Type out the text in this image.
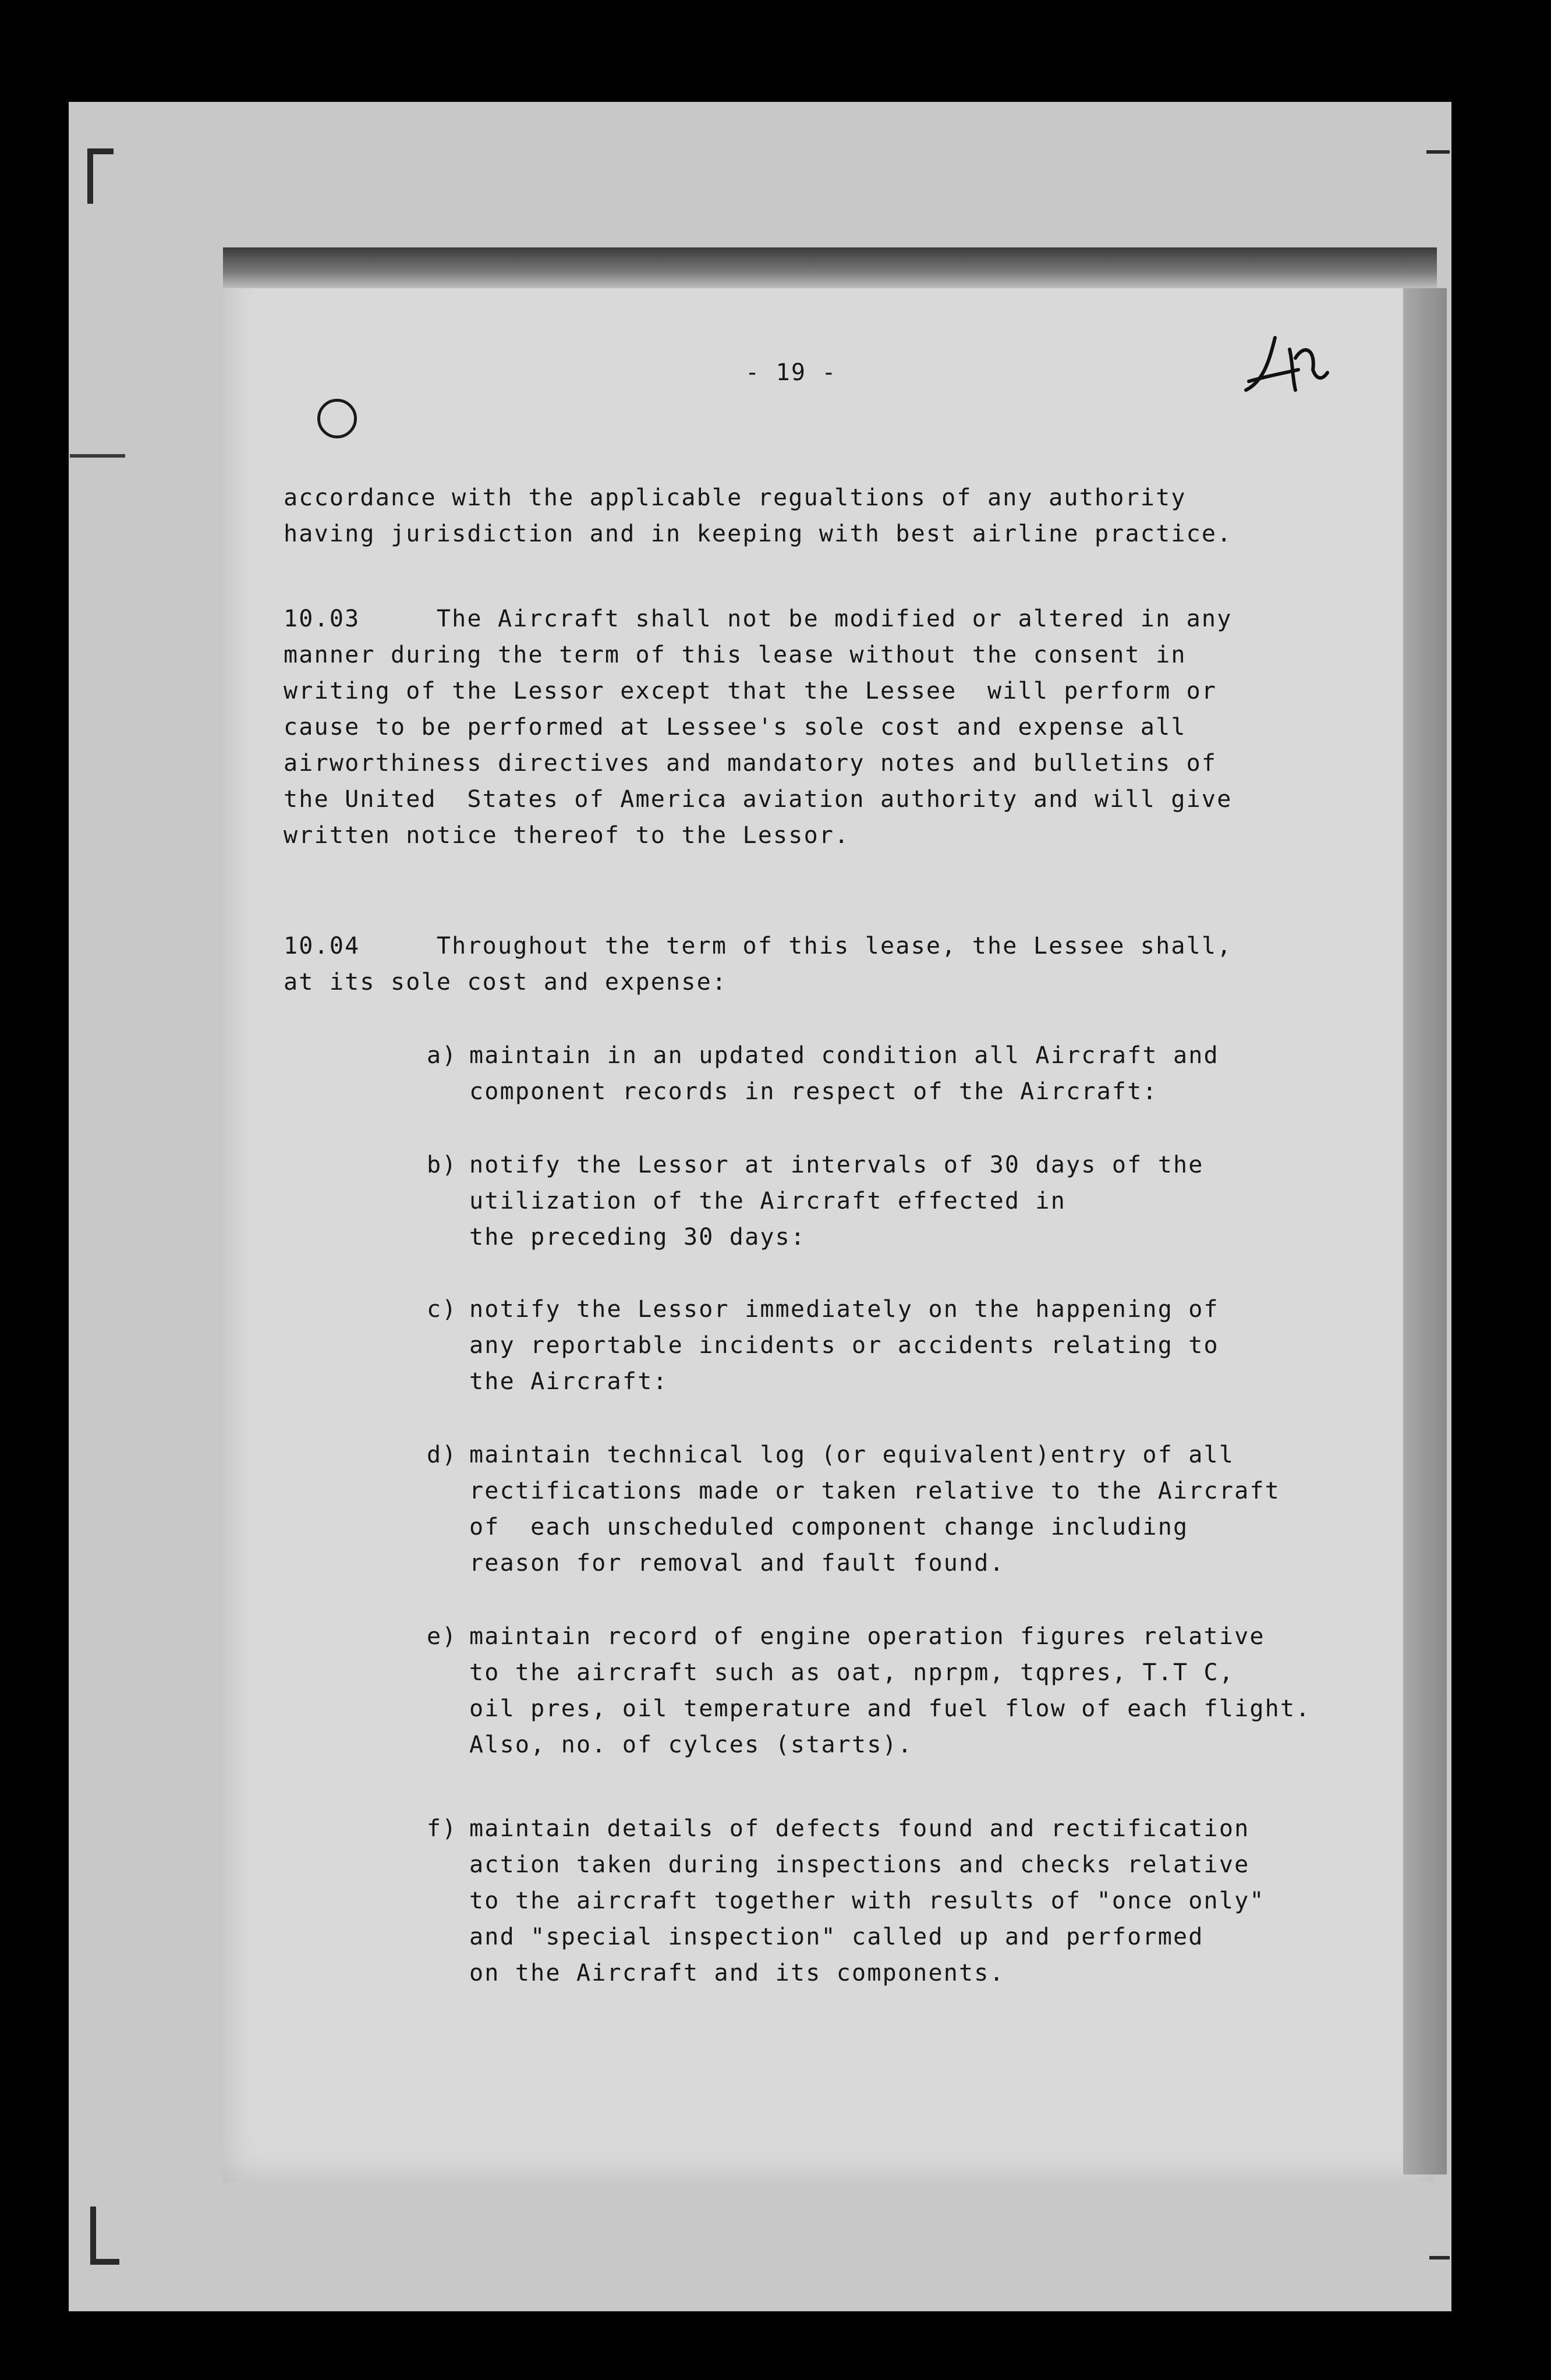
- 19 -
accordance with the applicable regualtions of any authority
having jurisdiction and in keeping with best airline practice.
10.03     The Aircraft shall not be modified or altered in any
manner during the term of this lease without the consent in
writing of the Lessor except that the Lessee  will perform or
cause to be performed at Lessee's sole cost and expense all
airworthiness directives and mandatory notes and bulletins of
the United  States of America aviation authority and will give
written notice thereof to the Lessor.
10.04     Throughout the term of this lease, the Lessee shall,
at its sole cost and expense:
a) maintain in an updated condition all Aircraft and
component records in respect of the Aircraft:
b) notify the Lessor at intervals of 30 days of the
utilization of the Aircraft effected in
the preceding 30 days:
c) notify the Lessor immediately on the happening of
any reportable incidents or accidents relating to
the Aircraft:
d) maintain technical log (or equivalent)entry of all
rectifications made or taken relative to the Aircraft
of  each unscheduled component change including
reason for removal and fault found.
e) maintain record of engine operation figures relative
to the aircraft such as oat, nprpm, tqpres, T.T C,
oil pres, oil temperature and fuel flow of each flight.
Also, no. of cylces (starts).
f) maintain details of defects found and rectification
action taken during inspections and checks relative
to the aircraft together with results of "once only"
and "special inspection" called up and performed
on the Aircraft and its components.
